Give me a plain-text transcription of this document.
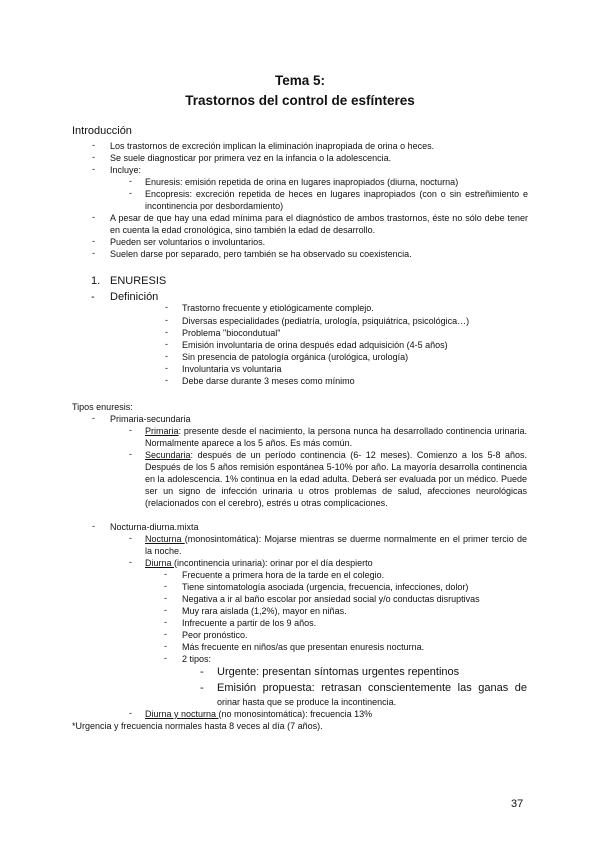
Tema 5:
Trastornos del control de esfínteres
Introducción
- Los trastornos de excreción implican la eliminación inapropiada de orina o heces.
- Se suele diagnosticar por primera vez en la infancia o la adolescencia.
- Incluye:
- Enuresis: emisión repetida de orina en lugares inapropiados (diurna, nocturna)
- Encopresis: excreción repetida de heces en lugares inapropiados (con o sin estreñimiento e incontinencia por desbordamiento)
- A pesar de que hay una edad mínima para el diagnóstico de ambos trastornos, éste no sólo debe tener en cuenta la edad cronológica, sino también la edad de desarrollo.
- Pueden ser voluntarios o involuntarios.
- Suelen darse por separado, pero también se ha observado su coexistencia.
1. ENURESIS
- Definición
- Trastorno frecuente y etiológicamente complejo.
- Diversas especialidades (pediatría, urología, psiquiátrica, psicológica…)
- Problema "biocondutual"
- Emisión involuntaria de orina después edad adquisición (4-5 años)
- Sin presencia de patología orgánica (urológica, urología)
- Involuntaria vs voluntaria
- Debe darse durante 3 meses como mínimo
Tipos enuresis:
- Primaria-secundaria
- Primaria: presente desde el nacimiento, la persona nunca ha desarrollado continencia urinaria. Normalmente aparece a los 5 años. Es más común.
- Secundaria: después de un período continencia (6- 12 meses). Comienzo a los 5-8 años. Después de los 5 años remisión espontánea 5-10% por año. La mayoría desarrolla continencia en la adolescencia. 1% continua en la edad adulta. Deberá ser evaluada por un médico. Puede ser un signo de infección urinaria u otros problemas de salud, afecciones neurológicas (relacionados con el cerebro), estrés u otras complicaciones.
- Nocturna-diurna.mixta
- Nocturna (monosintomática): Mojarse mientras se duerme normalmente en el primer tercio de la noche.
- Diurna (incontinencia urinaria): orinar por el día despierto
- Frecuente a primera hora de la tarde en el colegio.
- Tiene sintomatología asociada (urgencia, frecuencia, infecciones, dolor)
- Negativa a ir al baño escolar por ansiedad social y/o conductas disruptivas
- Muy rara aislada (1,2%), mayor en niñas.
- Infrecuente a partir de los 9 años.
- Peor pronóstico.
- Más frecuente en niños/as que presentan enuresis nocturna.
- 2 tipos:
- Urgente: presentan síntomas urgentes repentinos
- Emisión propuesta: retrasan conscientemente las ganas de
orinar hasta que se produce la incontinencia.
- Diurna y nocturna (no monosintomática): frecuencia 13%
*Urgencia y frecuencia normales hasta 8 veces al día (7 años).
37
